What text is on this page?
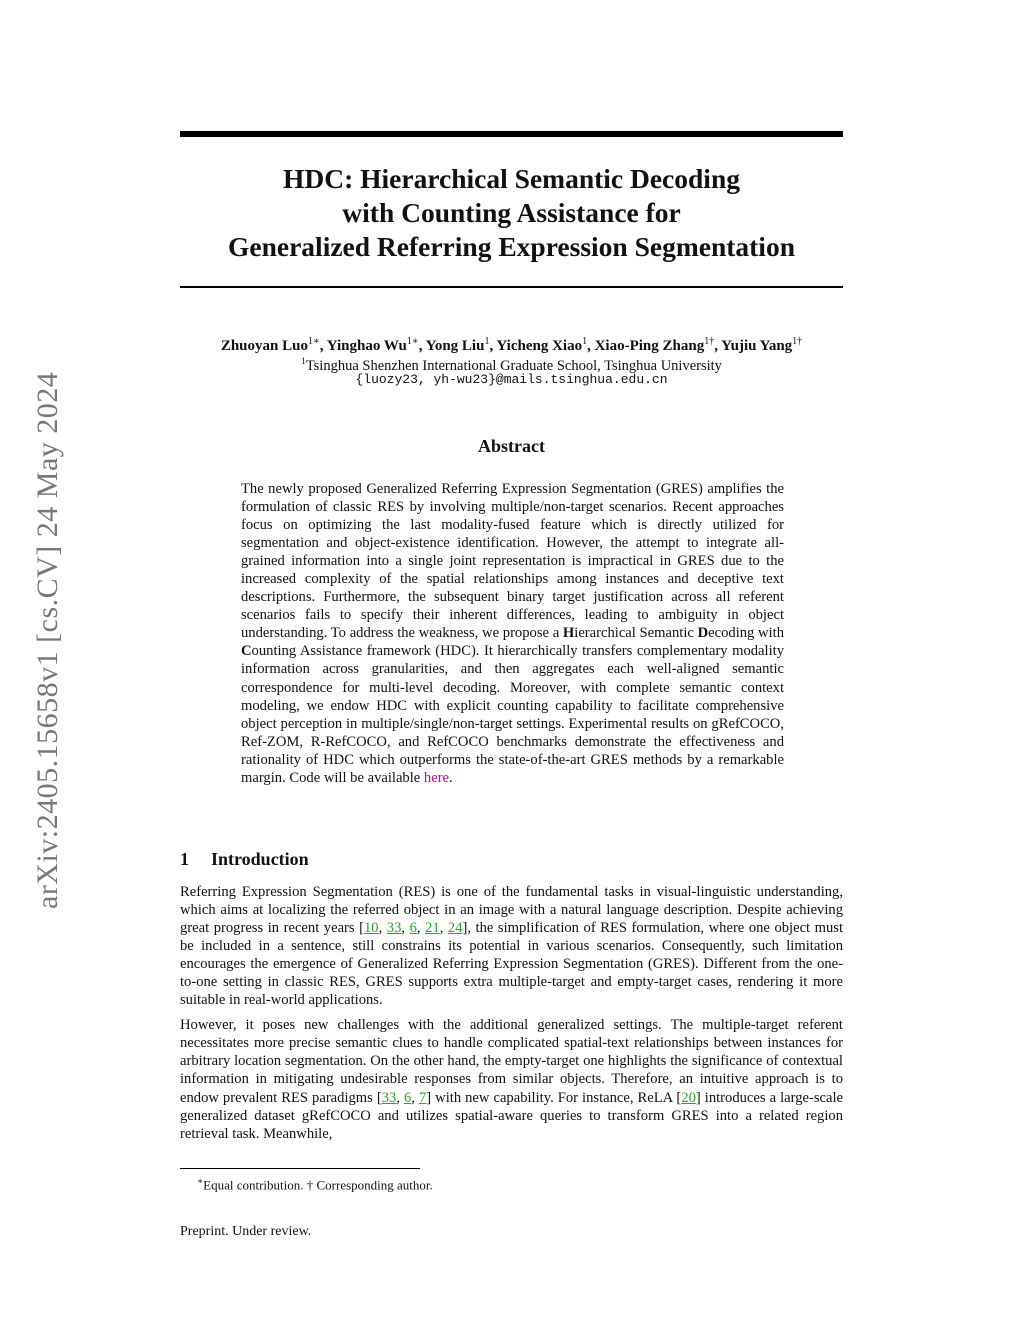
arXiv:2405.15658v1 [cs.CV] 24 May 2024
HDC: Hierarchical Semantic Decoding
with Counting Assistance for
Generalized Referring Expression Segmentation
Zhuoyan Luo$^{1∗}$, Yinghao $Wu^{1∗}$, Yong Liu$^1$, Yicheng Xiao$^1$, Xiao-Ping Zhang$^{1\dagger}$, Yujiu Yang$^{1\dagger}$
$^1$Tsinghua Shenzhen International Graduate School, Tsinghua University
{luozy23, yh-wu23}@mails.tsinghua.edu.cn
Abstract

The newly proposed Generalized Referring Expression Segmentation (GRES) amplifies the formulation of classic RES by involving multiple/non-target scenarios. Recent approaches focus on optimizing the last modality-fused feature which is directly utilized for segmentation and object-existence identification. However, the attempt to integrate all-grained information into a single joint representation is impractical in GRES due to the increased complexity of the spatial relationships among instances and deceptive text descriptions. Furthermore, the subsequent binary target justification across all referent scenarios fails to specify their inherent differences, leading to ambiguity in object understanding. To address the weakness, we propose a Hierarchical Semantic Decoding with Counting Assistance framework (HDC). It hierarchically transfers complementary modality information across granularities, and then aggregates each well-aligned semantic correspondence for multi-level decoding. Moreover, with complete semantic context modeling, we endow HDC with explicit counting capability to facilitate comprehensive object perception in multiple/single/non-target settings. Experimental results on gRefCOCO, Ref-ZOM, R-RefCOCO, and RefCOCO benchmarks demonstrate the effectiveness and rationality of HDC which outperforms the state-of-the-art GRES methods by a remarkable margin. Code will be available here.

1 Introduction

Referring Expression Segmentation (RES) is one of the fundamental tasks in visual-linguistic understanding, which aims at localizing the referred object in an image with a natural language description. Despite achieving great progress in recent years [10, 33, 6, 21, 24], the simplification of RES formulation, where one object must be included in a sentence, still constrains its potential in various scenarios. Consequently, such limitation encourages the emergence of Generalized Referring Expression Segmentation (GRES). Different from the one-to-one setting in classic RES, GRES supports extra multiple-target and empty-target cases, rendering it more suitable in real-world applications.

However, it poses new challenges with the additional generalized settings. The multiple-target referent necessitates more precise semantic clues to handle complicated spatial-text relationships between instances for arbitrary location segmentation. On the other hand, the empty-target one highlights the significance of contextual information in mitigating undesirable responses from similar objects. Therefore, an intuitive approach is to endow prevalent RES paradigms [33, 6, 7] with new capability. For instance, ReLA [20] introduces a large-scale generalized dataset gRefCOCO and utilizes spatial-aware queries to transform GRES into a related region retrieval task. Meanwhile,

∗Equal contribution. † Corresponding author.
Preprint. Under review.
